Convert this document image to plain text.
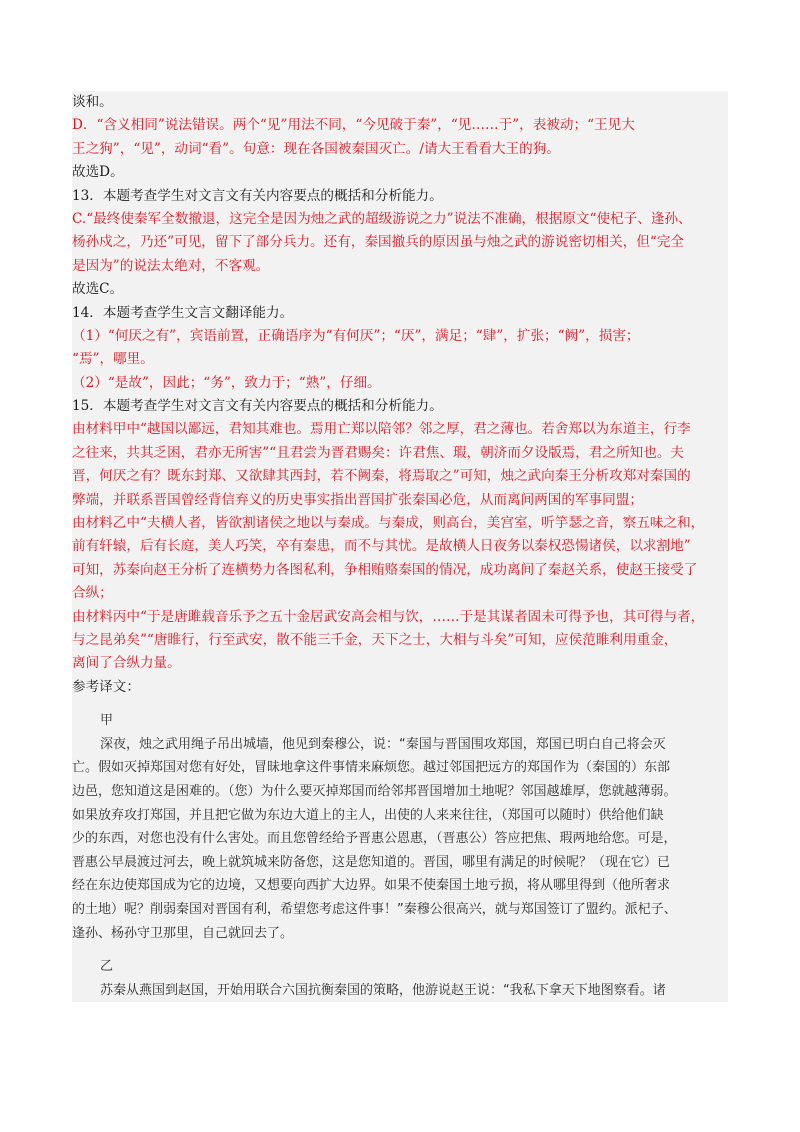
谈和。
D．“含义相同”说法错误。两个“见”用法不同，“今见破于秦”，“见……于”，表被动；“王见大
王之狗”，“见”，动词“看”。句意：现在各国被秦国灭亡。/请大王看看大王的狗。
故选D。
13．本题考查学生对文言文有关内容要点的概括和分析能力。
C.“最终使秦军全数撤退，这完全是因为烛之武的超级游说之力”说法不准确，根据原文“使杞子、逢孙、
杨孙戍之，乃还”可见，留下了部分兵力。还有，秦国撤兵的原因虽与烛之武的游说密切相关，但“完全
是因为”的说法太绝对，不客观。
故选C。
14．本题考查学生文言文翻译能力。
（1）“何厌之有”，宾语前置，正确语序为“有何厌”；“厌”，满足；“肆”，扩张；“阙”，损害；
“焉”，哪里。
（2）“是故”，因此；“务”，致力于；“熟”，仔细。
15．本题考查学生对文言文有关内容要点的概括和分析能力。
由材料甲中“越国以鄙远，君知其难也。焉用亡郑以陪邻？邻之厚，君之薄也。若舍郑以为东道主，行李
之往来，共其乏困，君亦无所害”“且君尝为晋君赐矣：许君焦、瑕，朝济而夕设版焉，君之所知也。夫
晋，何厌之有？既东封郑、又欲肆其西封，若不阙秦，将焉取之”可知，烛之武向秦王分析攻郑对秦国的
弊端，并联系晋国曾经背信弃义的历史事实指出晋国扩张秦国必危，从而离间两国的军事同盟；
由材料乙中“夫横人者，皆欲割诸侯之地以与秦成。与秦成，则高台，美宫室，听竽瑟之音，察五味之和，
前有轩辕，后有长庭，美人巧笑，卒有秦患，而不与其忧。是故横人日夜务以秦权恐愓诸侯，以求割地”
可知，苏秦向赵王分析了连横势力各图私利，争相贿赂秦国的情况，成功离间了秦赵关系，使赵王接受了
合纵；
由材料丙中“于是唐雎载音乐予之五十金居武安高会相与饮，……于是其谋者固未可得予也，其可得与者，
与之昆弟矣”“唐睢行，行至武安，散不能三千金，天下之士，大相与斗矣”可知，应侯范睢利用重金，
离间了合纵力量。
参考译文：
甲
深夜，烛之武用绳子吊出城墙，他见到秦穆公，说：“秦国与晋国围攻郑国，郑国已明白自己将会灭
亡。假如灭掉郑国对您有好处，冒昧地拿这件事情来麻烦您。越过邻国把远方的郑国作为（秦国的）东部
边邑，您知道这是困难的。（您）为什么要灭掉郑国而给邻邦晋国增加土地呢？邻国越雄厚，您就越薄弱。
如果放弃攻打郑国，并且把它做为东边大道上的主人，出使的人来来往往，（郑国可以随时）供给他们缺
少的东西，对您也没有什么害处。而且您曾经给予晋惠公恩惠，（晋惠公）答应把焦、瑕两地给您。可是，
晋惠公早晨渡过河去，晚上就筑城来防备您，这是您知道的。晋国，哪里有满足的时候呢？（现在它）已
经在东边使郑国成为它的边境，又想要向西扩大边界。如果不使秦国土地亏损，将从哪里得到（他所奢求
的土地）呢？削弱秦国对晋国有利，希望您考虑这件事！”秦穆公很高兴，就与郑国签订了盟约。派杞子、
逢孙、杨孙守卫那里，自己就回去了。
乙
苏秦从燕国到赵国，开始用联合六国抗衡秦国的策略，他游说赵王说：“我私下拿天下地图察看。诸
